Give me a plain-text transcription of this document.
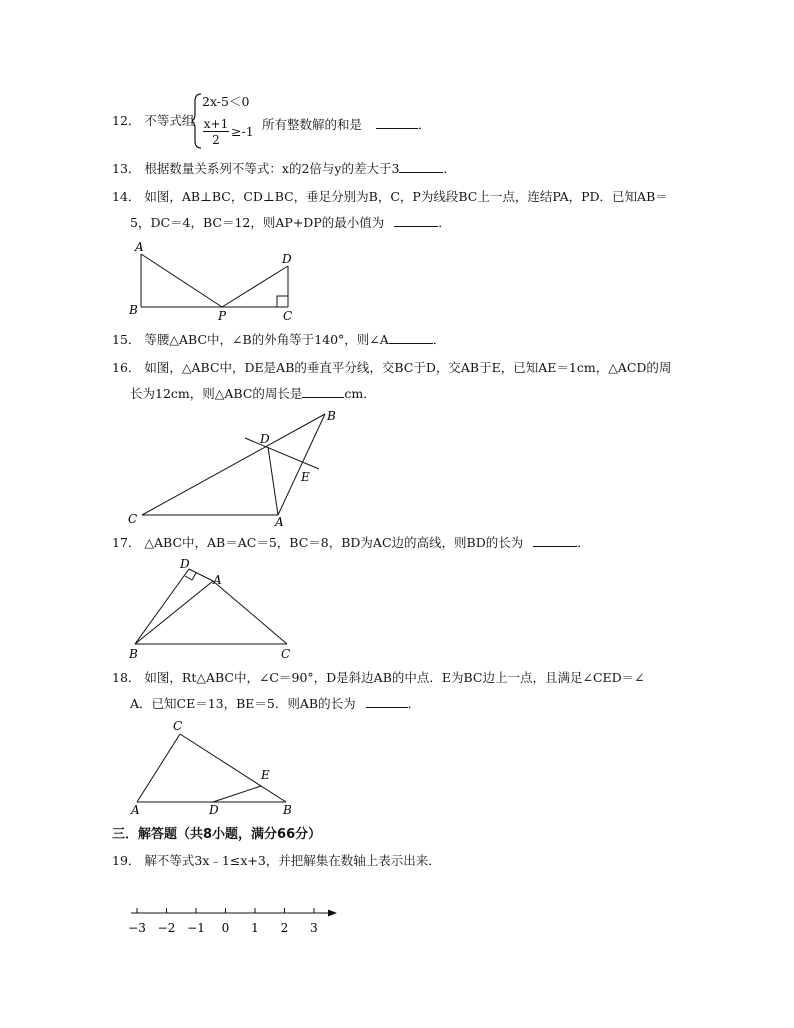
12． 不等式组
2x-5＜0
$\frac{x+1}{2} \ge-1$ 所有整数解的和是	．
13． 根据数量关系列不等式：x的2倍与y的差大于3	．
14． 如图，AB⊥BC，CD⊥BC，垂足分别为B，C，P为线段BC上一点，连结PA，PD．已知AB＝
5，DC＝4，BC＝12，则AP+DP的最小值为	．
A
B	P	C
D
15． 等腰△ABC中，∠B的外角等于140°，则∠A	．
16． 如图，△ABC中，DE是AB的垂直平分线，交BC于D，交AB于E，已知AE＝1cm，△ACD的周
长为12cm，则△ABC的周长是	cm．
C	A
B
D
E
17． △ABC中，AB＝AC＝5，BC＝8，BD为AC边的高线，则BD的长为	．
D
A
B	C
18． 如图，Rt△ABC中，∠C＝90°，D是斜边AB的中点．E为BC边上一点，且满足∠CED＝∠
A．已知CE＝13，BE＝5．则AB的长为	．
C
E
A	D	B
三．解答题（共8小题，满分66分）
19． 解不等式3x﹣1≤x+3，并把解集在数轴上表示出来．
−3 −2 −1 0 1 2 3
